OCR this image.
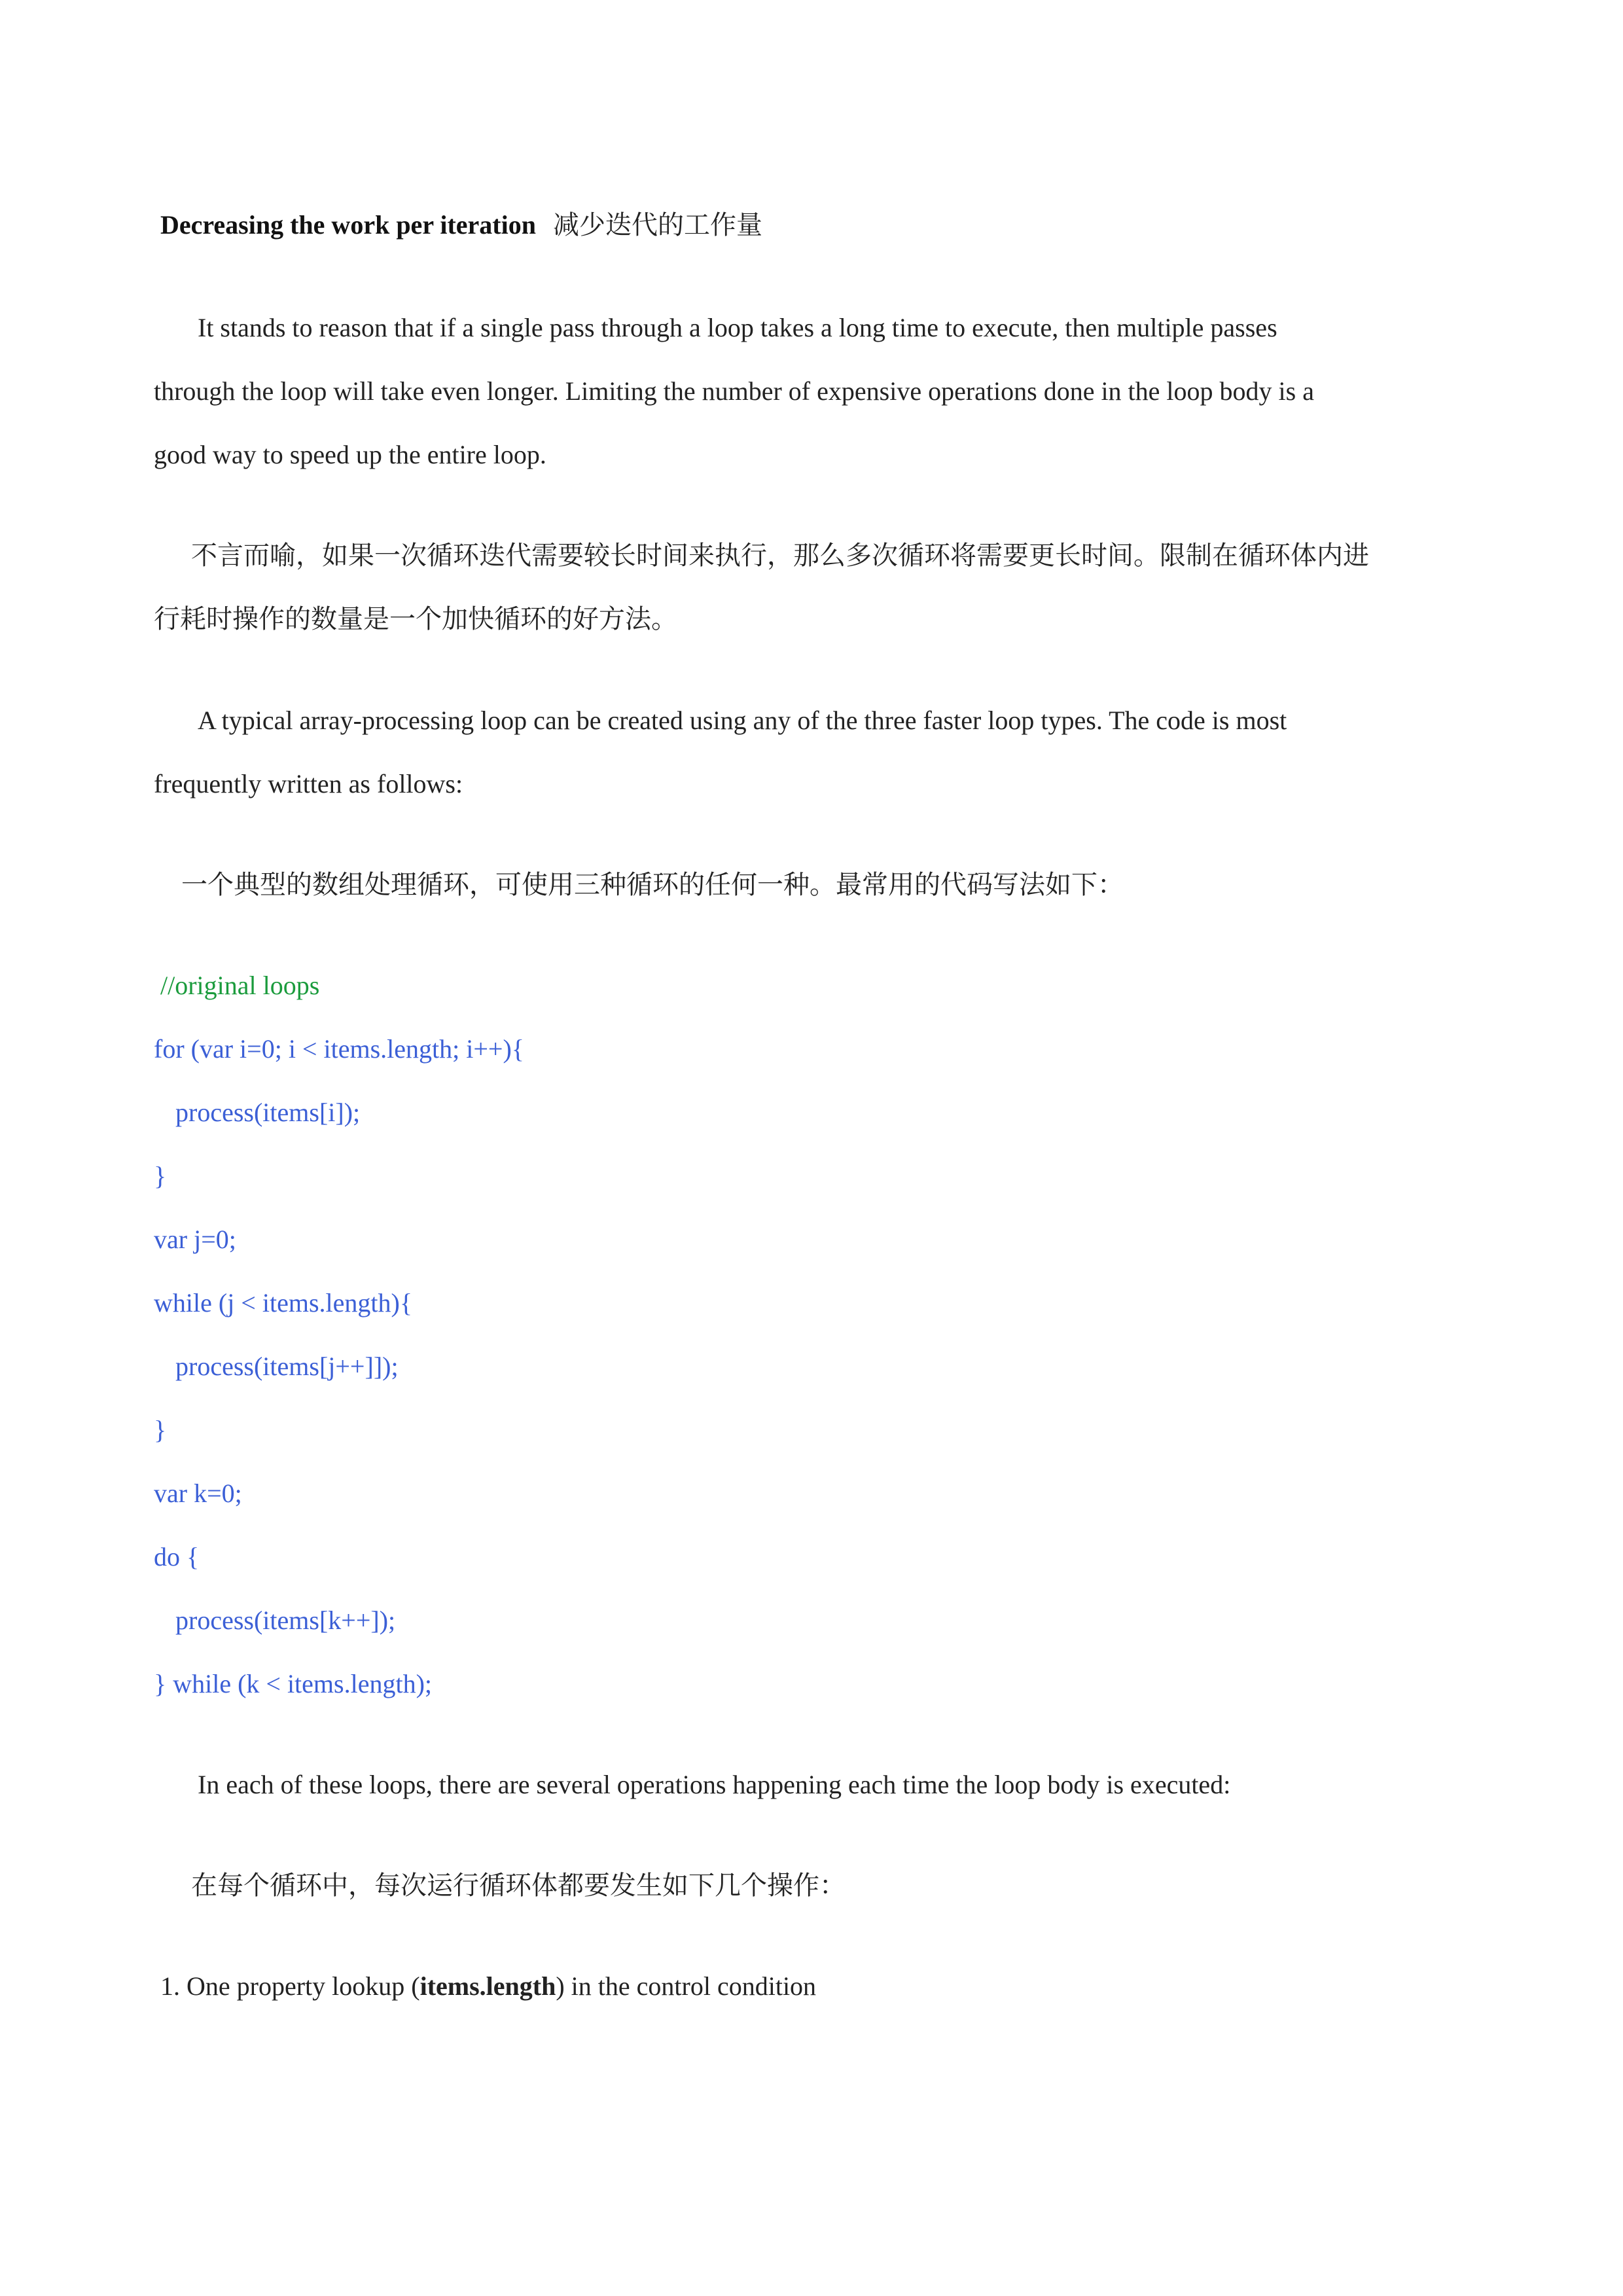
Decreasing the work per iteration 减少迭代的工作量

It stands to reason that if a single pass through a loop takes a long time to execute, then multiple passes

through the loop will take even longer. Limiting the number of expensive operations done in the loop body is a

good way to speed up the entire loop.

不言而喻，如果一次循环迭代需要较长时间来执行，那么多次循环将需要更长时间。限制在循环体内进

行耗时操作的数量是一个加快循环的好方法。

A typical array-processing loop can be created using any of the three faster loop types. The code is most

frequently written as follows:

一个典型的数组处理循环，可使用三种循环的任何一种。最常用的代码写法如下：

//original loops

for (var i=0; i < items.length; i++){

process(items[i]);

}

var j=0;

while (j < items.length){

process(items[j++]]);

}

var k=0;

do {

process(items[k++]);

} while (k < items.length);

In each of these loops, there are several operations happening each time the loop body is executed:

在每个循环中，每次运行循环体都要发生如下几个操作：

1. One property lookup (items.length) in the control condition
